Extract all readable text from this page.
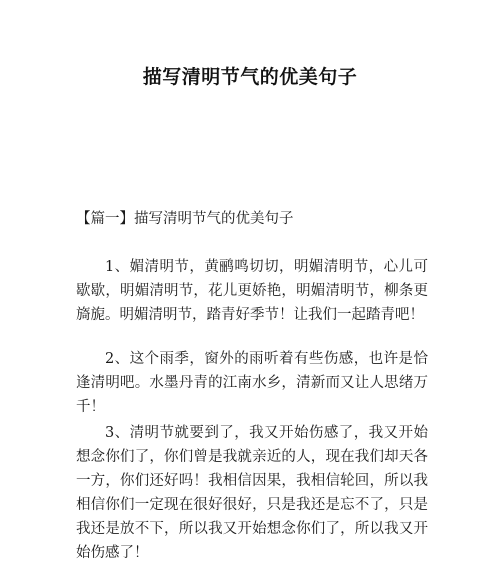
描写清明节气的优美句子
【篇一】描写清明节气的优美句子

1、媚清明节，黄鹂鸣切切，明媚清明节，心儿可歇歇，明媚清明节，花儿更娇艳，明媚清明节，柳条更旖旎。明媚清明节，踏青好季节！让我们一起踏青吧！

2、这个雨季，窗外的雨听着有些伤感，也许是恰逢清明吧。水墨丹青的江南水乡，清新而又让人思绪万千！

3、清明节就要到了，我又开始伤感了，我又开始想念你们了，你们曾是我就亲近的人，现在我们却天各一方，你们还好吗！我相信因果，我相信轮回，所以我相信你们一定现在很好很好，只是我还是忘不了，只是我还是放不下，所以我又开始想念你们了，所以我又开始伤感了！
